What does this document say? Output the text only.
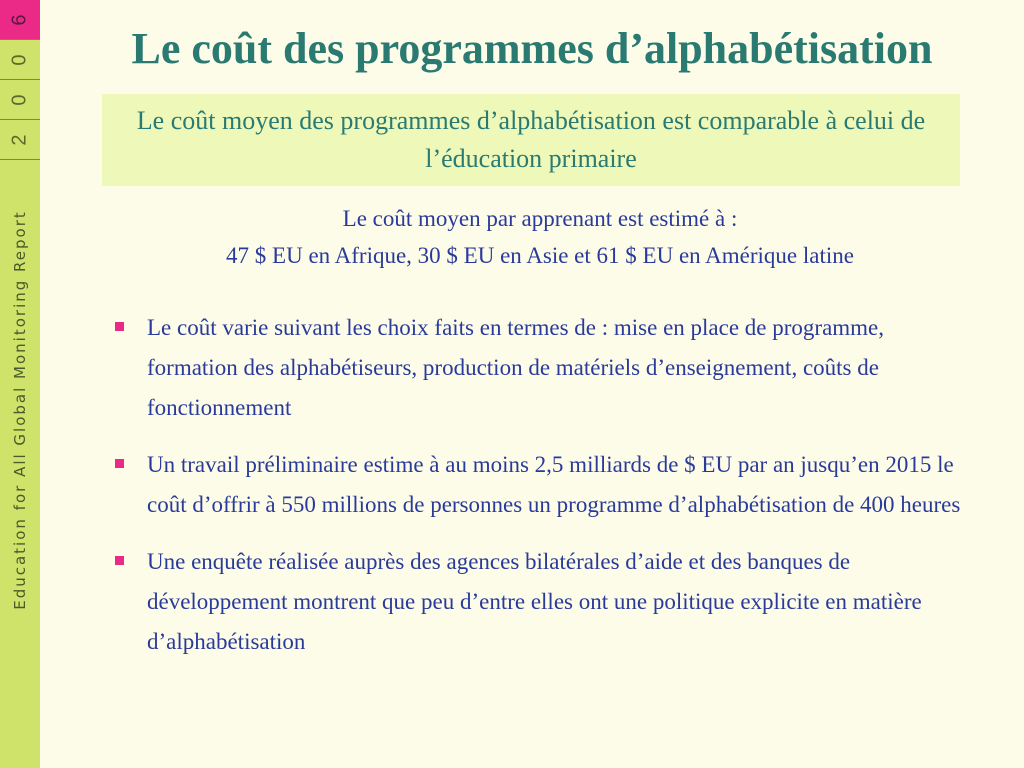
2
0
0
6
Education for All Global Monitoring Report
Le coût des programmes d’alphabétisation
Le coût moyen des programmes d’alphabétisation est comparable à celui de l’éducation primaire
Le coût moyen par apprenant est estimé à :
47 $ EU en Afrique, 30 $ EU en Asie et 61 $ EU en Amérique latine
Le coût varie suivant les choix faits en termes de : mise en place de programme, formation des alphabétiseurs, production de matériels d’enseignement, coûts de fonctionnement
Un travail préliminaire estime à au moins 2,5 milliards de $ EU par an jusqu’en 2015 le coût d’offrir à 550 millions de personnes un programme d’alphabétisation de 400 heures
Une enquête réalisée auprès des agences bilatérales d’aide et des banques de développement montrent que peu d’entre elles ont une politique explicite en matière d’alphabétisation
